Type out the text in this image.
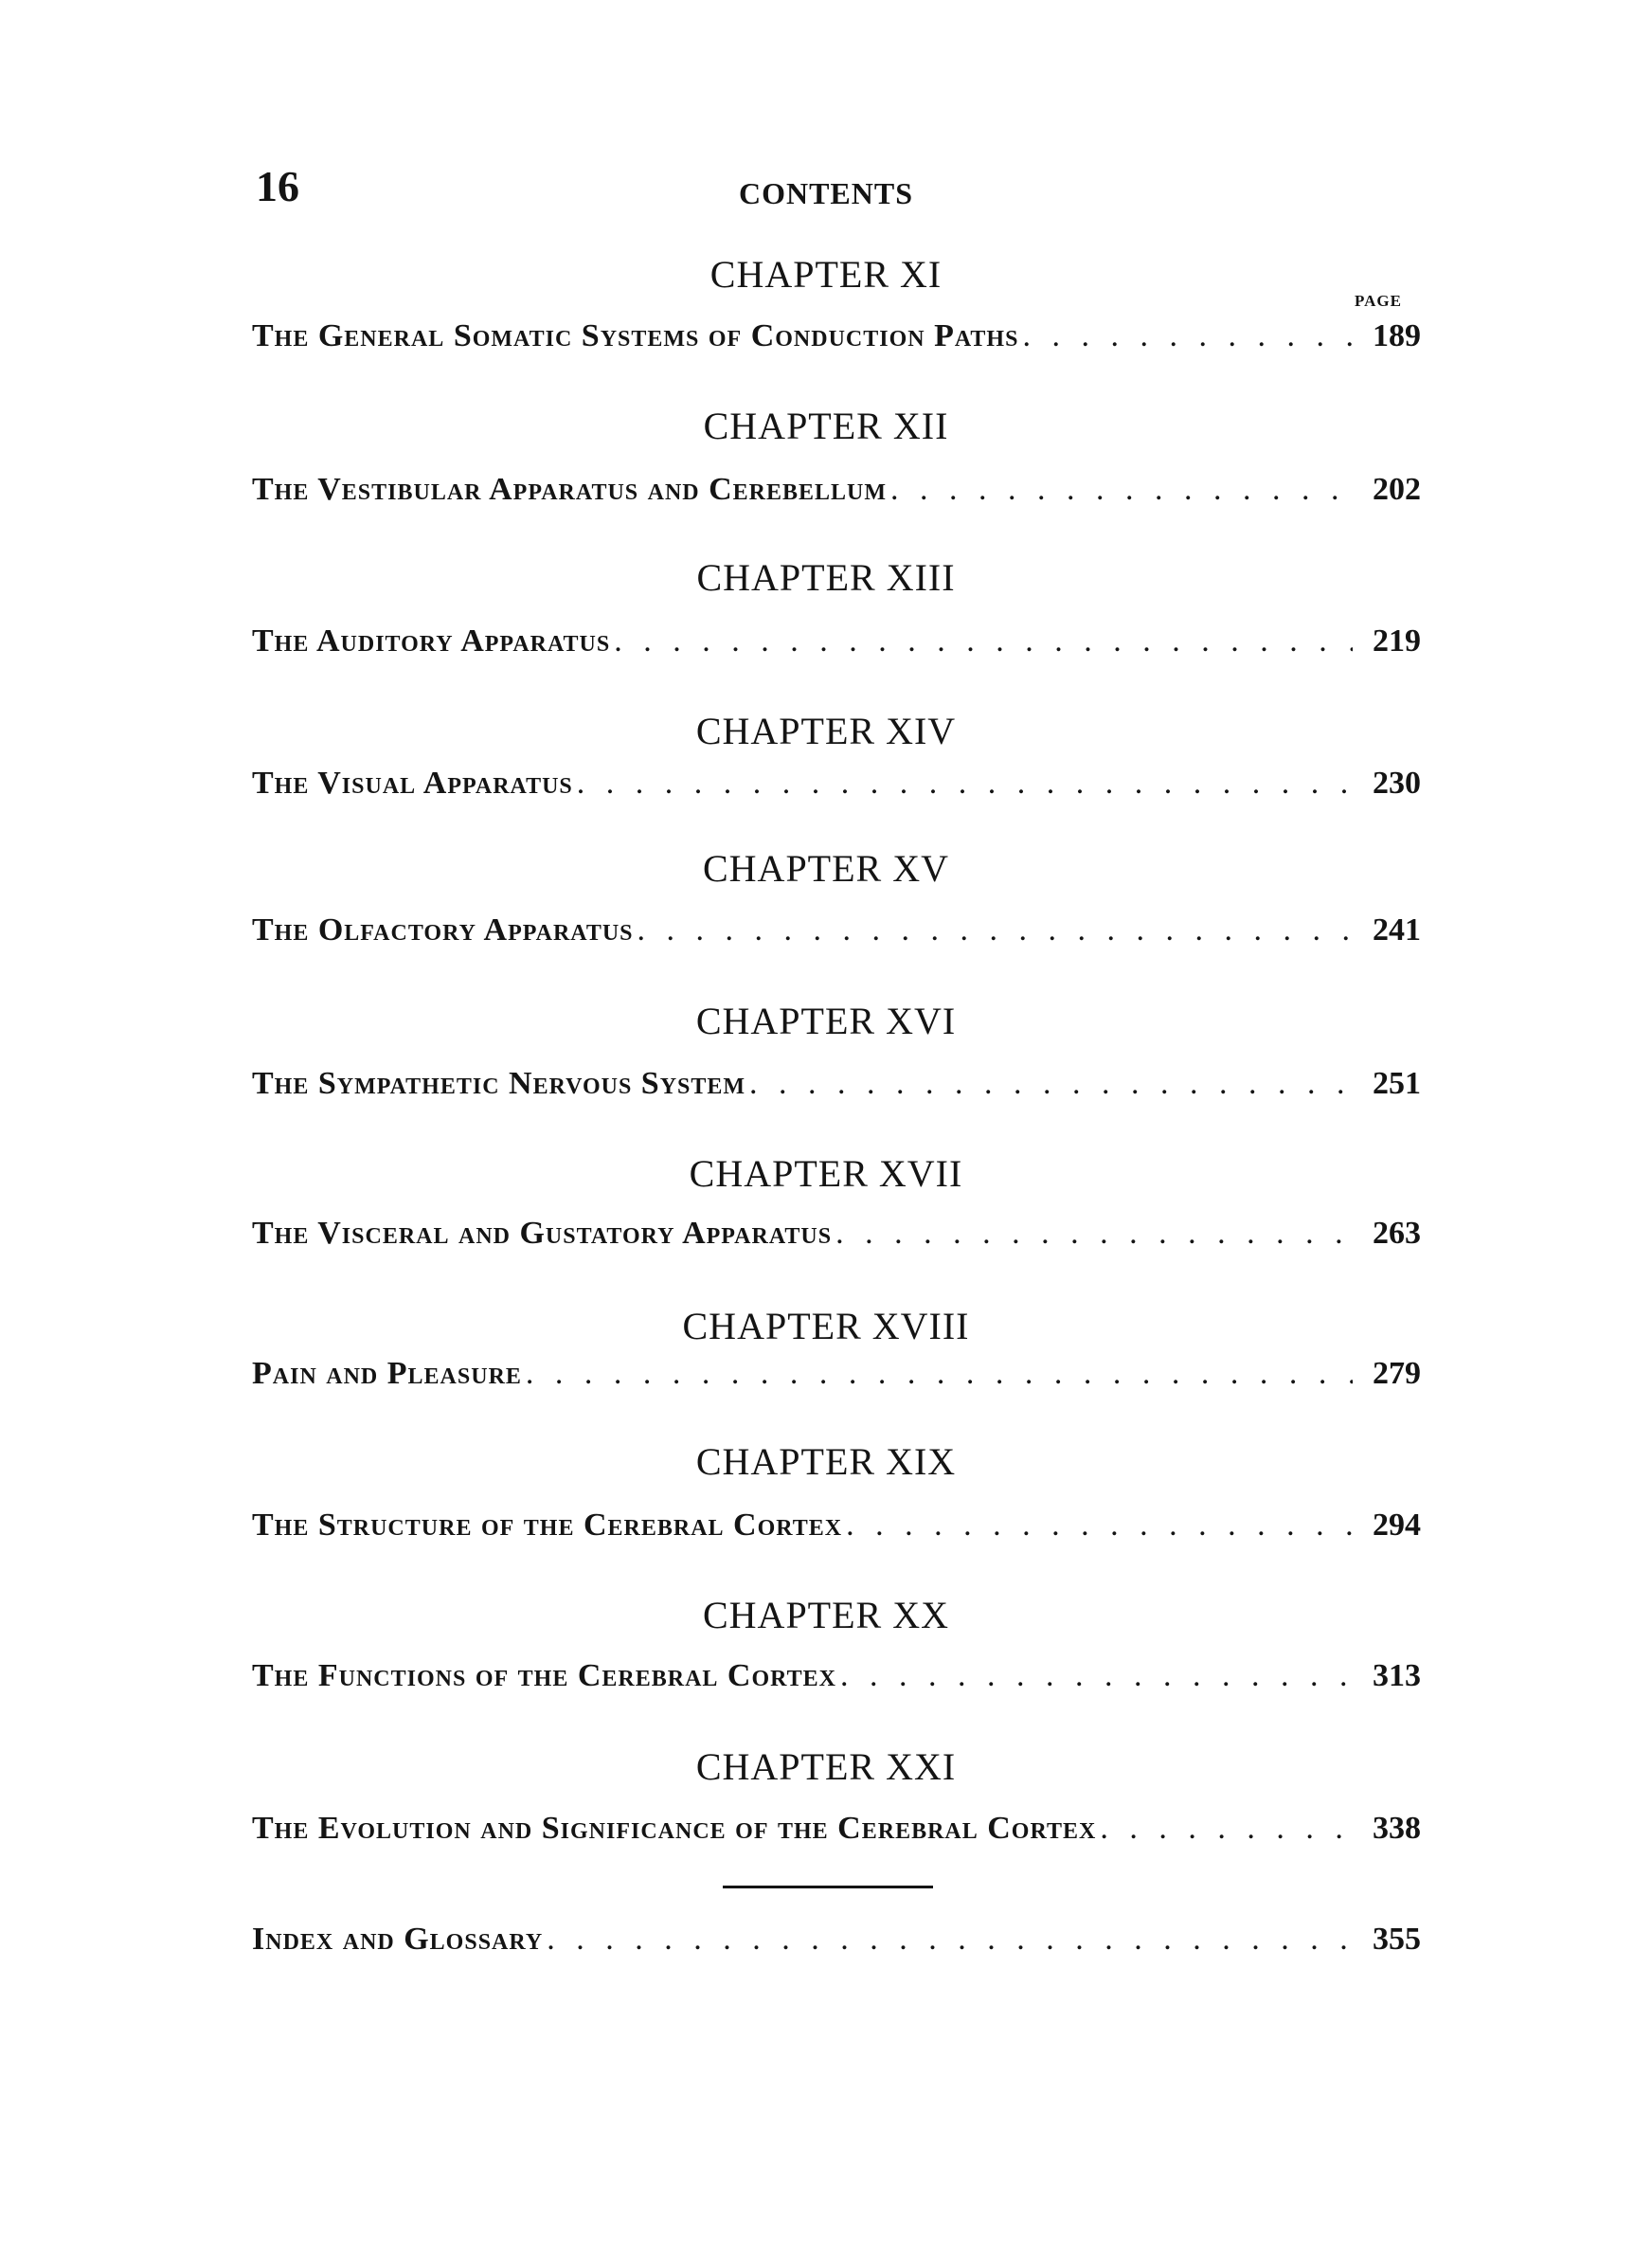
16	CONTENTS
PAGE
CHAPTER XI
The General Somatic Systems of Conduction Paths . . .	189
CHAPTER XII
The Vestibular Apparatus and Cerebellum . . .	202
CHAPTER XIII
The Auditory Apparatus . . .	219
CHAPTER XIV
The Visual Apparatus . . .	230
CHAPTER XV
The Olfactory Apparatus . . .	241
CHAPTER XVI
The Sympathetic Nervous System . . .	251
CHAPTER XVII
The Visceral and Gustatory Apparatus . . .	263
CHAPTER XVIII
Pain and Pleasure . . .	279
CHAPTER XIX
The Structure of the Cerebral Cortex . . .	294
CHAPTER XX
The Functions of the Cerebral Cortex . . .	313
CHAPTER XXI
The Evolution and Significance of the Cerebral Cortex . . .	338
Index and Glossary . . .	355
